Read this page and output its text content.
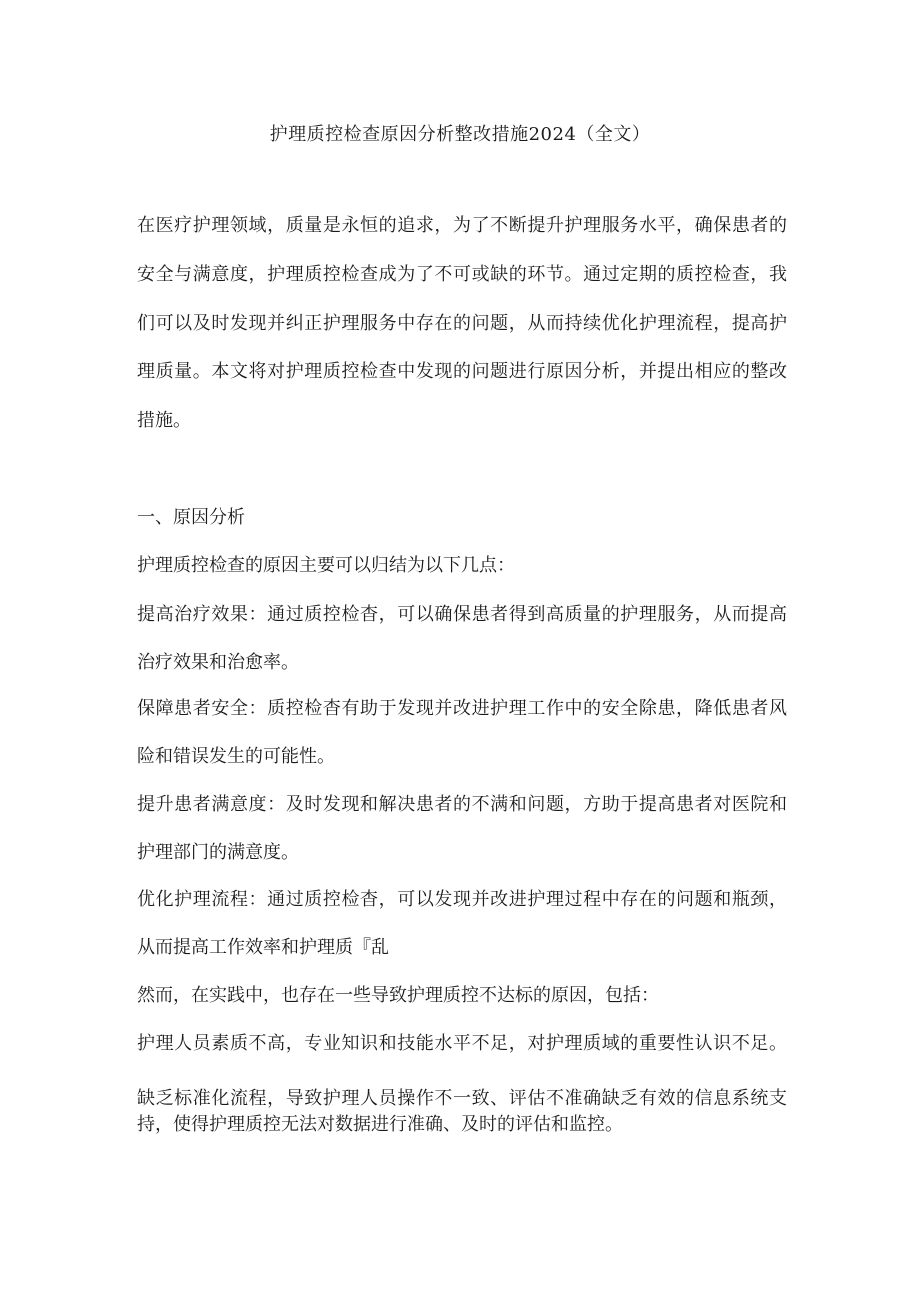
护理质控检查原因分析整改措施2024（全文）
在医疗护理领域，质量是永恒的追求，为了不断提升护理服务水平，确保患者的
安全与满意度，护理质控检查成为了不可或缺的环节。通过定期的质控检查，我
们可以及时发现并纠正护理服务中存在的问题，从而持续优化护理流程，提高护
理质量。本文将对护理质控检查中发现的问题进行原因分析，并提出相应的整改
措施。
一、原因分析
护理质控检查的原因主要可以归结为以下几点：
提高治疗效果：通过质控检杳，可以确保患者得到高质量的护理服务，从而提高
治疗效果和治愈率。
保障患者安全：质控检杳有助于发现并改进护理工作中的安全除患，降低患者风
险和错误发生的可能性。
提升患者满意度：及时发现和解决患者的不满和问题，方助于提高患者对医院和
护理部门的满意度。
优化护理流程：通过质控检杳，可以发现并改进护理过程中存在的问题和瓶颈，
从而提高工作效率和护理质『乱
然而，在实践中，也存在一些导致护理质控不达标的原因，包括：
护理人员素质不高，专业知识和技能水平不足，对护理质域的重要性认识不足。
缺乏标准化流程，导致护理人员操作不一致、评估不准确缺乏有效的信息系统支
持，使得护理质控无法对数据进行准确、及时的评估和监控。
